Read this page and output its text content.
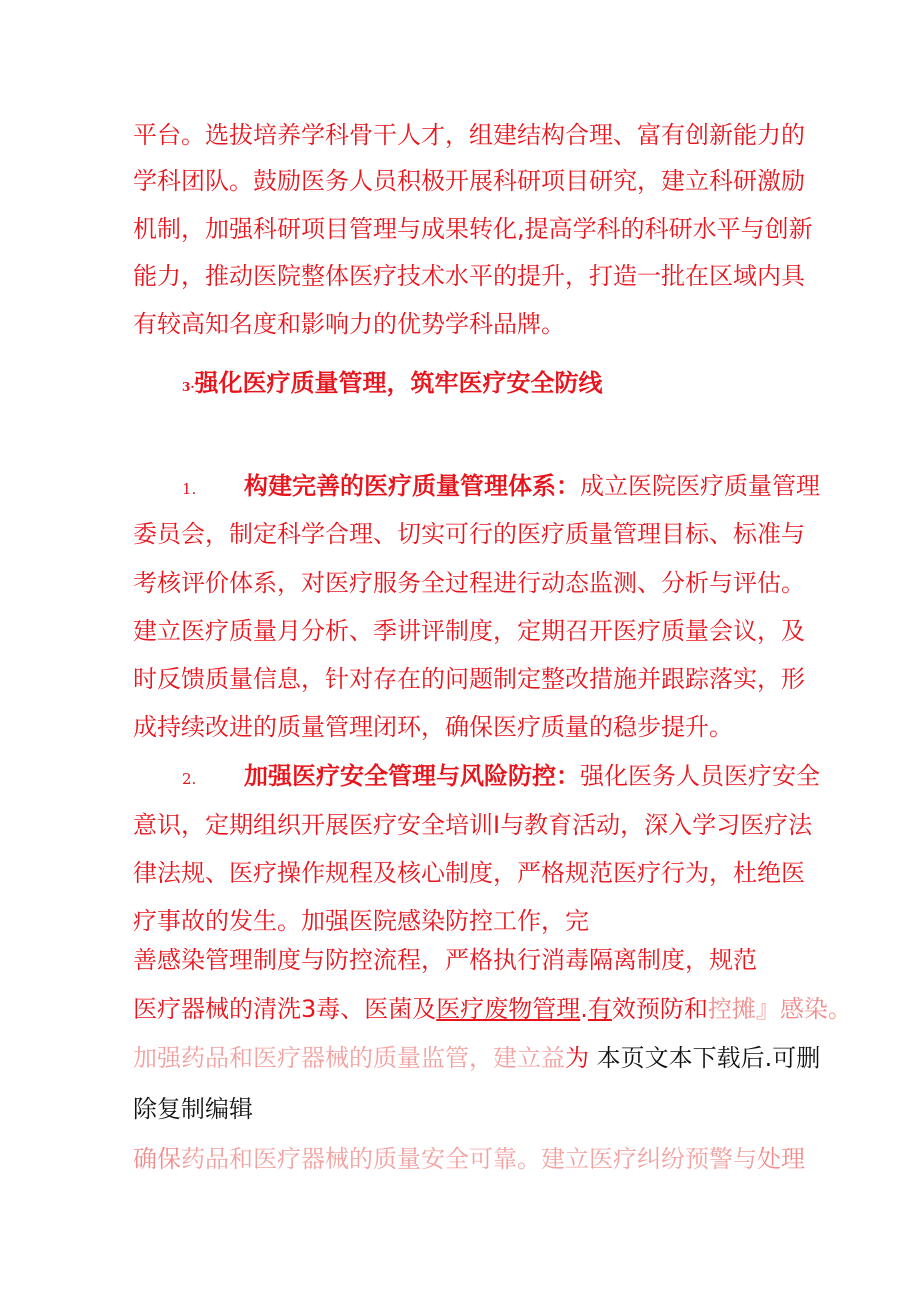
平台。选拔培养学科骨干人才，组建结构合理、富有创新能力的
学科团队。鼓励医务人员积极开展科研项目研究，建立科研激励
机制，加强科研项目管理与成果转化,提高学科的科研水平与创新
能力，推动医院整体医疗技术水平的提升，打造一批在区域内具
有较高知名度和影响力的优势学科品牌。
3·强化医疗质量管理，筑牢医疗安全防线
1. 构建完善的医疗质量管理体系：成立医院医疗质量管理
委员会，制定科学合理、切实可行的医疗质量管理目标、标准与
考核评价体系，对医疗服务全过程进行动态监测、分析与评估。
建立医疗质量月分析、季讲评制度，定期召开医疗质量会议，及
时反馈质量信息，针对存在的问题制定整改措施并跟踪落实，形
成持续改进的质量管理闭环，确保医疗质量的稳步提升。
2. 加强医疗安全管理与风险防控：强化医务人员医疗安全
意识，定期组织开展医疗安全培训I与教育活动，深入学习医疗法
律法规、医疗操作规程及核心制度，严格规范医疗行为，杜绝医
疗事故的发生。加强医院感染防控工作，完
善感染管理制度与防控流程，严格执行消毒隔离制度，规范
医疗器械的清洗3毒、医菌及医疗废物管理.有效预防和控摊』感染。
加强药品和医疗器械的质量监管，建立益为 本页文本下载后.可删
除复制编辑
确保药品和医疗器械的质量安全可靠。建立医疗纠纷预警与处理
